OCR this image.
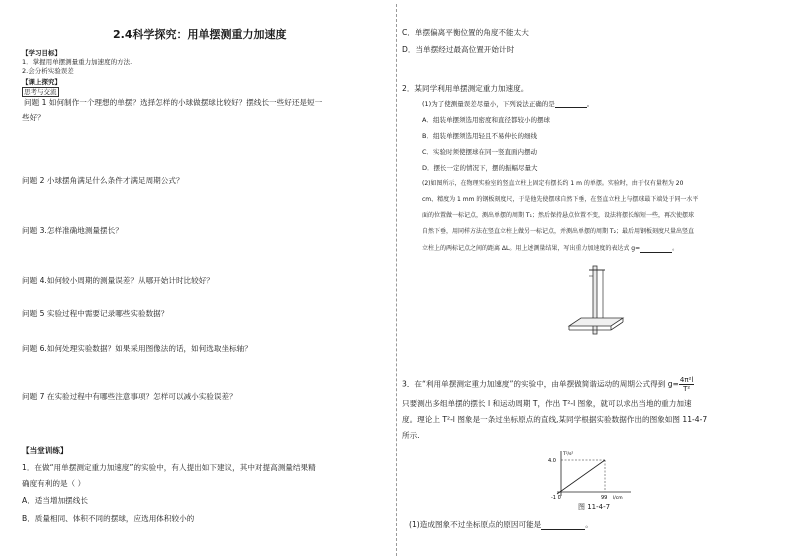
2.4科学探究：用单摆测重力加速度
【学习目标】
1．掌握用单摆测量重力加速度的方法.
2.会分析实验误差
【课上探究】
思考与交流
问题 1 如何制作一个理想的单摆？选择怎样的小球做摆球比较好？摆线长一些好还是短一
些好？
问题 2 小球摆角满足什么条件才满足周期公式？
问题 3.怎样准确地测量摆长？
问题 4.如何较小周期的测量误差？从哪开始计时比较好？
问题 5 实验过程中需要记录哪些实验数据？
问题 6.如何处理实验数据？如果采用图像法的话，如何选取坐标轴？
问题 7 在实验过程中有哪些注意事项？怎样可以减小实验误差？
【当堂训练】
1．在做“用单摆测定重力加速度”的实验中，有人提出如下建议，其中对提高测量结果精
确度有利的是（ ）
A．适当增加摆线长
B．质量相同、体积不同的摆球，应选用体积较小的
C．单摆偏离平衡位置的角度不能太大
D．当单摆经过最高位置开始计时
2．某同学利用单摆测定重力加速度。
(1)为了使测量误差尽量小，下列说法正确的是	。
A．组装单摆须选用密度和直径都较小的摆球
B．组装单摆须选用轻且不易伸长的细线
C．实验时须使摆球在同一竖直面内摆动
D．摆长一定的情况下，摆的振幅尽量大
(2)如图所示，在物理实验室的竖直立柱上固定有摆长约 1 m 的单摆。实验时，由于仅有量程为 20
cm、精度为 1 mm 的钢板刻度尺，于是他先使摆球自然下垂，在竖直立柱上与摆球最下端处于同一水平
面的位置做一标记点，测出单摆的周期 T₁；然后保持悬点位置不变，设法将摆长缩短一些，再次使摆球
自然下垂，用同样方法在竖直立柱上做另一标记点，并测出单摆的周期 T₂；最后用钢板刻度尺量出竖直
立柱上的两标记点之间的距离 ΔL。用上述测量结果，写出重力加速度的表达式 g=	。
3．在“利用单摆测定重力加速度”的实验中，由单摆做简谐运动的周期公式得到 $g= \frac{\text{4π²l}}{\text{T²}}$
只要测出多组单摆的摆长 l 和运动周期 T，作出 T²-l 图象，就可以求出当地的重力加速
度。理论上 T²-l 图象是一条过坐标原点的直线,某同学根据实验数据作出的图象如图 11-4-7
所示.
T²/s²
4.0
-1 0	99 l/cm
图 11-4-7
(1)造成图象不过坐标原点的原因可能是	。
